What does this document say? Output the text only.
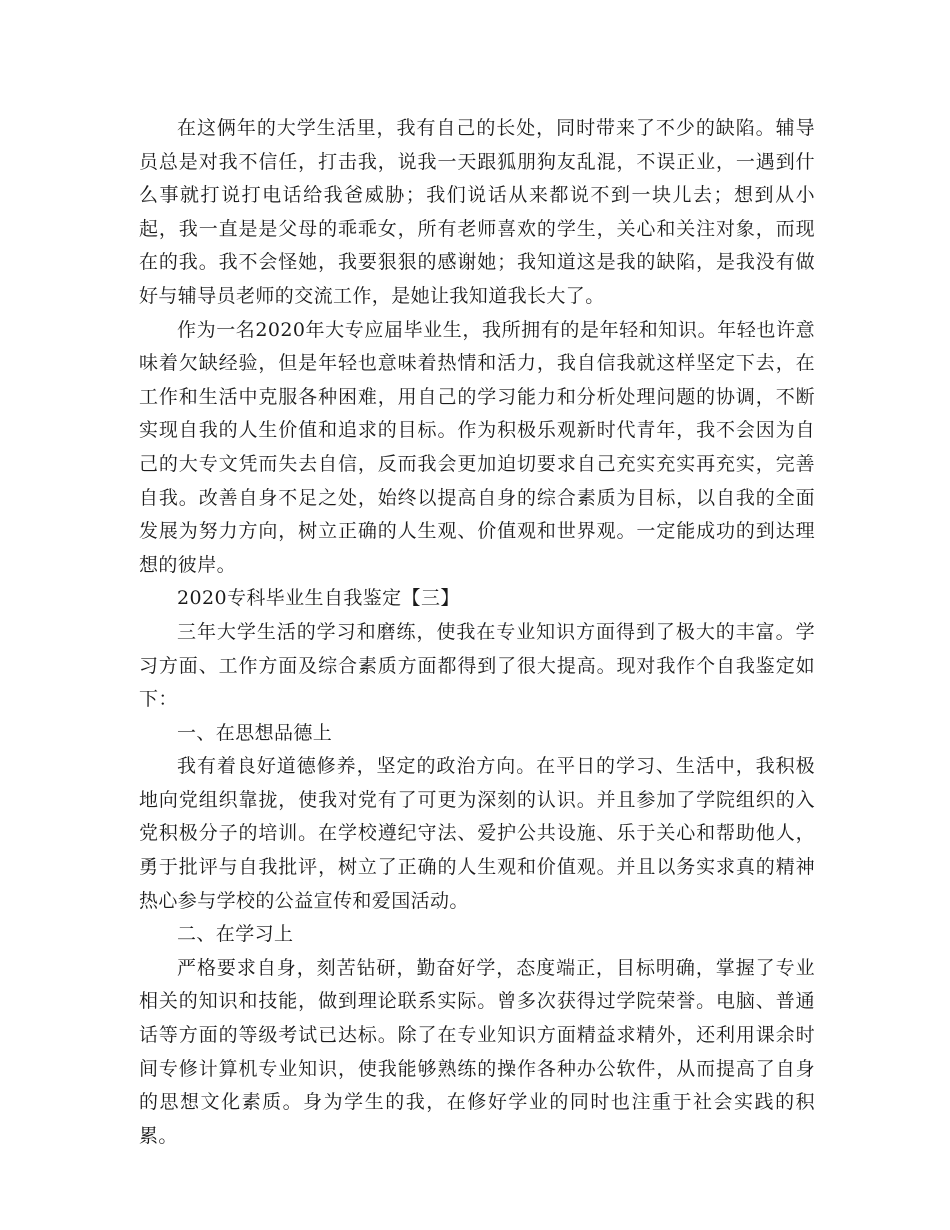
在这俩年的大学生活里，我有自己的长处，同时带来了不少的缺陷。辅导员总是对我不信任，打击我，说我一天跟狐朋狗友乱混，不误正业，一遇到什么事就打说打电话给我爸威胁；我们说话从来都说不到一块儿去；想到从小起，我一直是是父母的乖乖女，所有老师喜欢的学生，关心和关注对象，而现在的我。我不会怪她，我要狠狠的感谢她；我知道这是我的缺陷，是我没有做好与辅导员老师的交流工作，是她让我知道我长大了。

作为一名2020年大专应届毕业生，我所拥有的是年轻和知识。年轻也许意味着欠缺经验，但是年轻也意味着热情和活力，我自信我就这样坚定下去，在工作和生活中克服各种困难，用自己的学习能力和分析处理问题的协调，不断实现自我的人生价值和追求的目标。作为积极乐观新时代青年，我不会因为自己的大专文凭而失去自信，反而我会更加迫切要求自己充实充实再充实，完善自我。改善自身不足之处，始终以提高自身的综合素质为目标，以自我的全面发展为努力方向，树立正确的人生观、价值观和世界观。一定能成功的到达理想的彼岸。

2020专科毕业生自我鉴定【三】

三年大学生活的学习和磨练，使我在专业知识方面得到了极大的丰富。学习方面、工作方面及综合素质方面都得到了很大提高。现对我作个自我鉴定如下：

一、在思想品德上

我有着良好道德修养，坚定的政治方向。在平日的学习、生活中，我积极地向党组织靠拢，使我对党有了可更为深刻的认识。并且参加了学院组织的入党积极分子的培训。在学校遵纪守法、爱护公共设施、乐于关心和帮助他人，勇于批评与自我批评，树立了正确的人生观和价值观。并且以务实求真的精神热心参与学校的公益宣传和爱国活动。

二、在学习上

严格要求自身，刻苦钻研，勤奋好学，态度端正，目标明确，掌握了专业相关的知识和技能，做到理论联系实际。曾多次获得过学院荣誉。电脑、普通话等方面的等级考试已达标。除了在专业知识方面精益求精外，还利用课余时间专修计算机专业知识，使我能够熟练的操作各种办公软件，从而提高了自身的思想文化素质。身为学生的我，在修好学业的同时也注重于社会实践的积累。
